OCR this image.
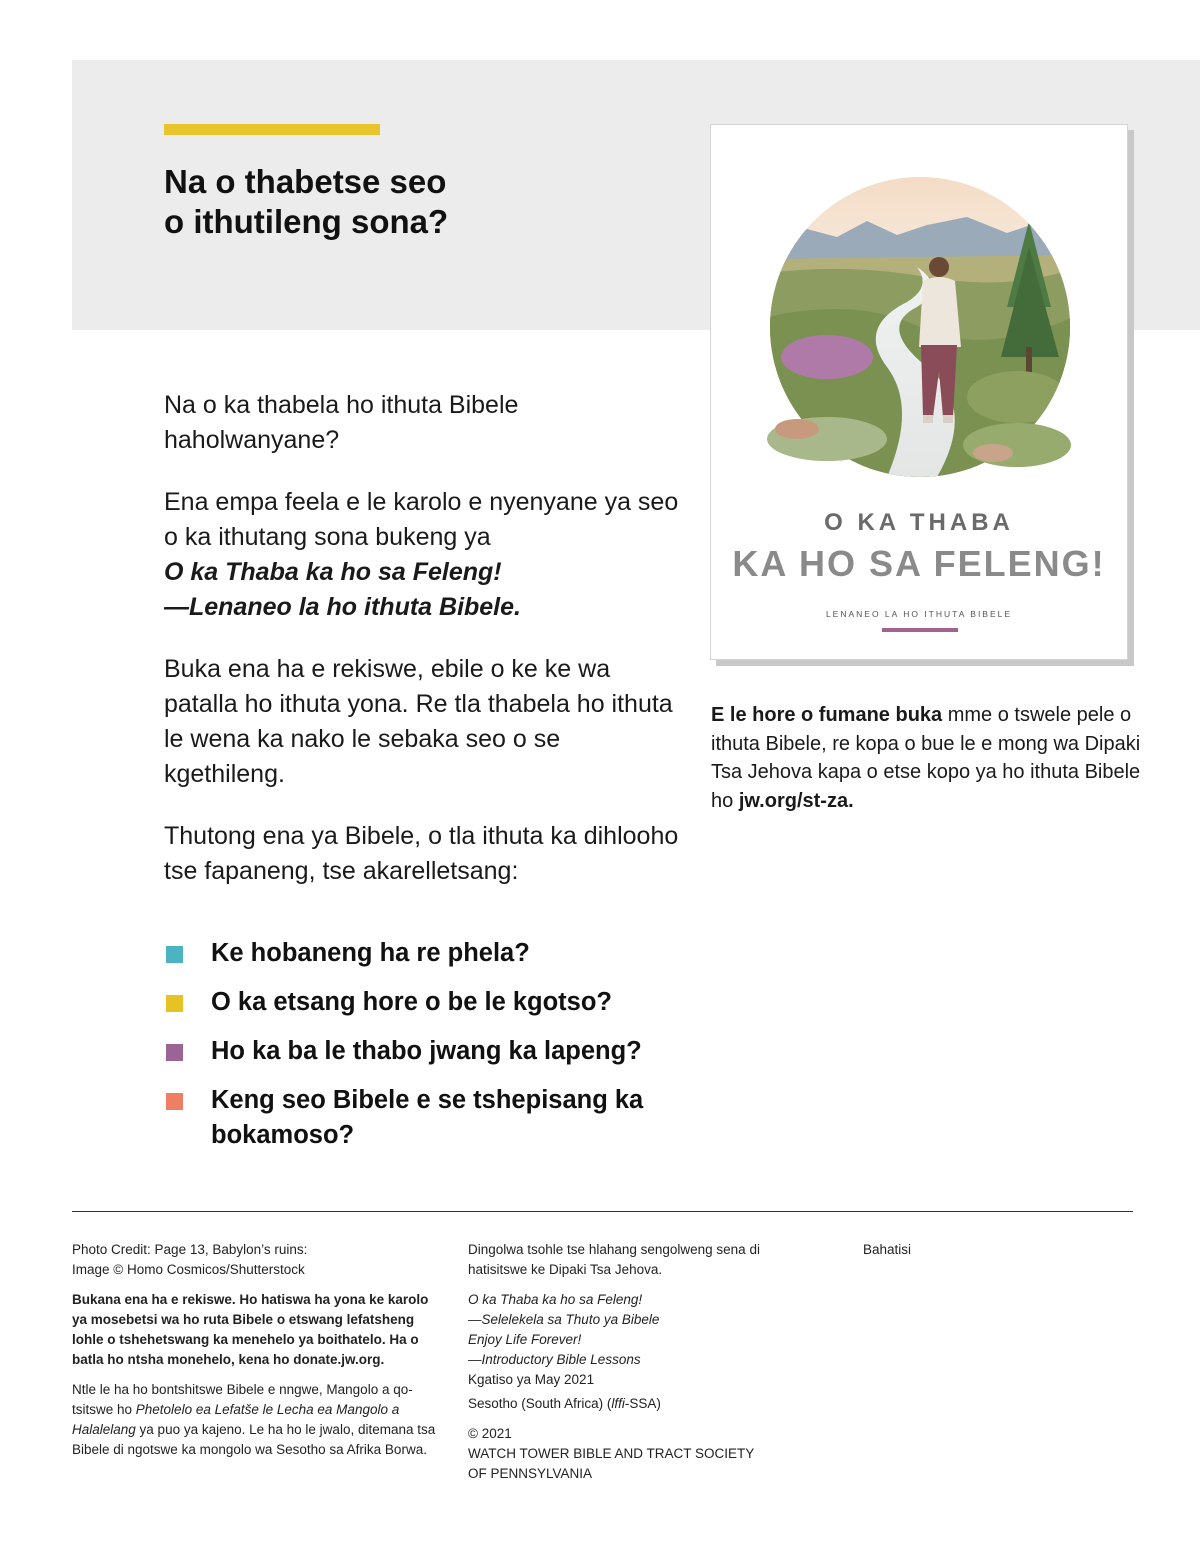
Na o thabetse seo
o ithutileng sona?

Na o ka thabela ho ithuta Bibele haholwanyane?

Ena empa feela e le karolo e nyenyane ya seo o ka ithutang sona bukeng ya
O ka Thaba ka ho sa Feleng!
—Lenaneo la ho ithuta Bibele.

Buka ena ha e rekiswe, ebile o ke ke wa patalla ho ithuta yona. Re tla thabela ho ithuta le wena ka nako le sebaka seo o se kgethileng.

Thutong ena ya Bibele, o tla ithuta ka dihlooho tse fapaneng, tse akarelletsang:

Ke hobaneng ha re phela?
O ka etsang hore o be le kgotso?
Ho ka ba le thabo jwang ka lapeng?
Keng seo Bibele e se tshepisang ka bokamoso?
O KA THABA
KA HO SA FELENG!
LENANEO LA HO ITHUTA BIBELE
E le hore o fumane buka mme o tswele pele o ithuta Bibele, re kopa o bue le e mong wa Dipaki Tsa Jehova kapa o etse kopo ya ho ithuta Bibele ho jw.org/st-za.

Photo Credit: Page 13, Babylon’s ruins:
Image © Homo Cosmicos/Shutterstock

Bukana ena ha e rekiswe. Ho hatiswa ha yona ke karolo ya mosebetsi wa ho ruta Bibele o etswang lefatsheng lohle o tshehetswang ka menehelo ya boithatelo. Ha o batla ho ntsha monehelo, kena ho donate.jw.org.

Ntle le ha ho bontshitswe Bibele e nngwe, Mangolo a qotsitswe ho Phetolelo ea Lefatše le Lecha ea Mangolo a Halalelang ya puo ya kajeno. Le ha ho le jwalo, ditemana tsa Bibele di ngotswe ka mongolo wa Sesotho sa Afrika Borwa.

Dingolwa tsohle tse hlahang sengolweng sena di hatisitswe ke Dipaki Tsa Jehova.

O ka Thaba ka ho sa Feleng!
—Selelekela sa Thuto ya Bibele
Enjoy Life Forever!
—Introductory Bible Lessons
Kgatiso ya May 2021

Sesotho (South Africa) (lffi-SSA)

© 2021
WATCH TOWER BIBLE AND TRACT SOCIETY
OF PENNSYLVANIA

Bahatisi
